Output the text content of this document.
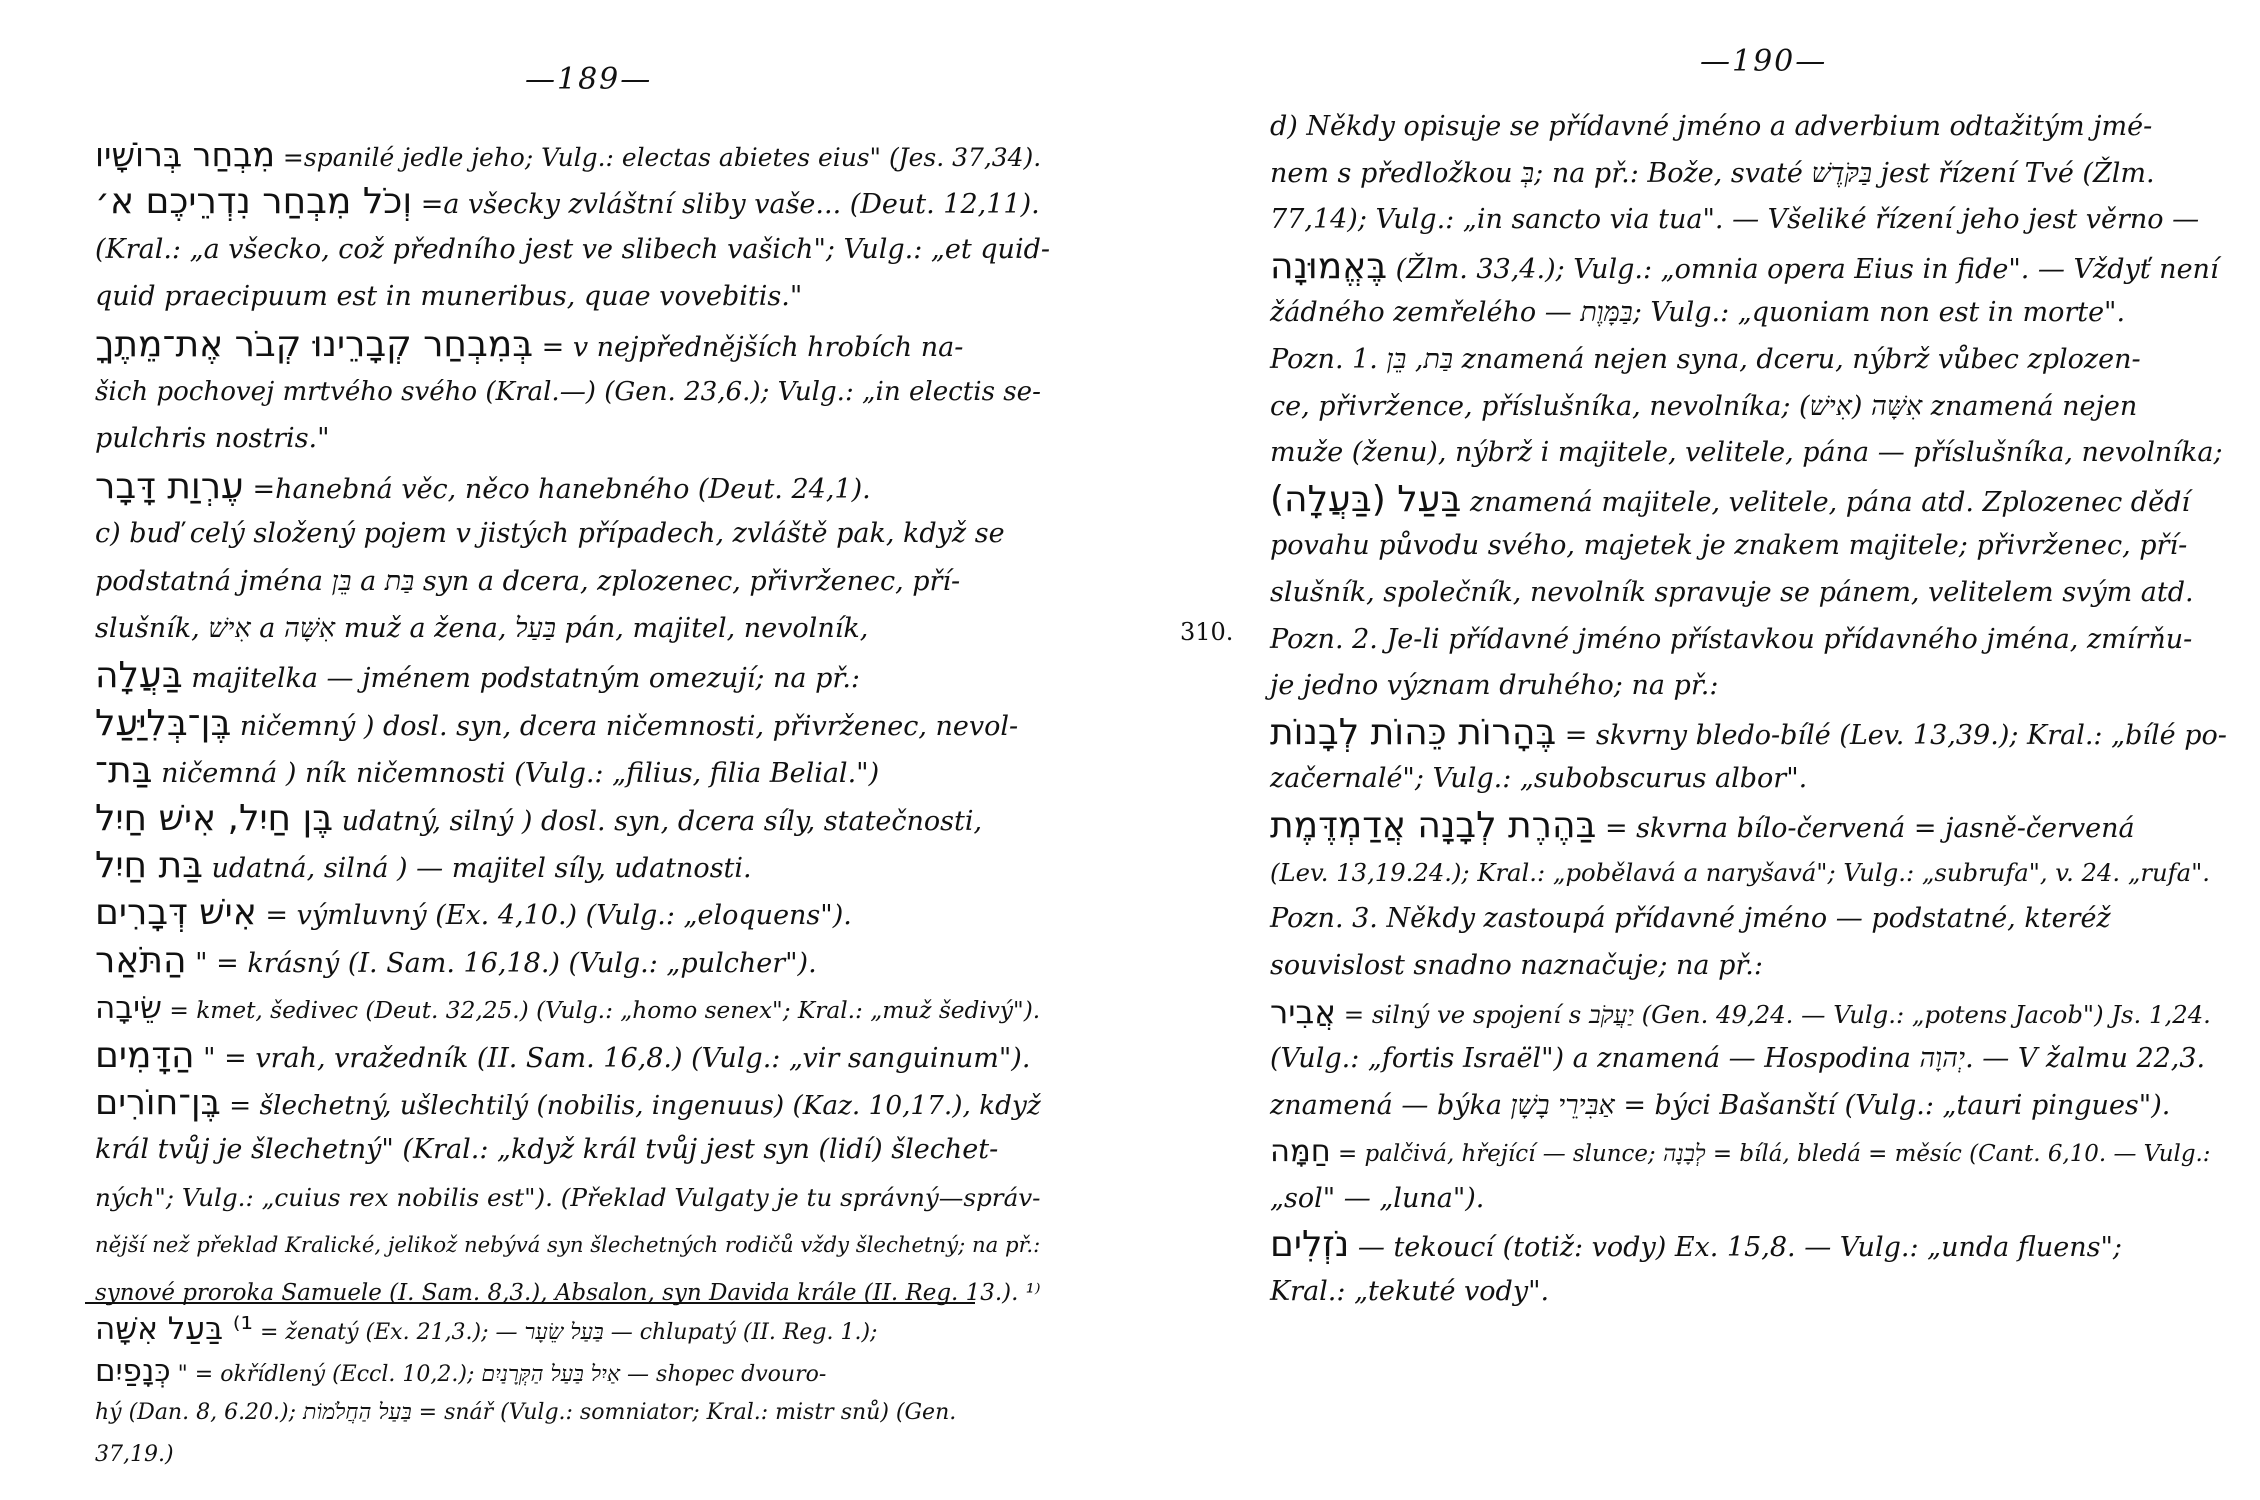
—189—
מִבְחַר בְּרוֹשָׁיו =spanilé jedle jeho; Vulg.: electas abietes eius" (Jes. 37,34).
וְכֹל מִבְחַר נִדְרֵיכֶם א׳ =a všecky zvláštní sliby vaše... (Deut. 12,11).
(Kral.: „a všecko, což předního jest ve slibech vašich"; Vulg.: „et quid-
quid praecipuum est in muneribus, quae vovebitis."
בְּמִבְחַר קְבָרֵינוּ קְבֹר אֶת־מֵתֶךָ = v nejpřednějších hrobích na-
šich pochovej mrtvého svého (Kral.—) (Gen. 23,6.); Vulg.: „in electis se-
pulchris nostris."
עֶרְוַת דָּבָר =hanebná věc, něco hanebného (Deut. 24,1).
c) buď celý složený pojem v jistých případech, zvláště pak, když se
podstatná jména בֵּן a בַּת syn a dcera, zplozenec, přivrženec, pří-
slušník, אִישׁ a אִשָּׁה muž a žena, בַּעַל pán, majitel, nevolník,
בַּעֲלָה majitelka — jménem podstatným omezují; na př.:
בֶּן־בְּלִיַּעַל ničemný ) dosl. syn, dcera ničemnosti, přivrženec, nevol-
בַּת־ ničemná ) ník ničemnosti (Vulg.: „filius, filia Belial.")
בֶּן חַיִל, אִישׁ חַיִל udatný, silný ) dosl. syn, dcera síly, statečnosti,
בַּת חַיִל udatná, silná ) — majitel síly, udatnosti.
אִישׁ דְּבָרִים = výmluvný (Ex. 4,10.) (Vulg.: „eloquens").
הַתֹּאַר " = krásný (I. Sam. 16,18.) (Vulg.: „pulcher").
שֵׂיבָה = kmet, šedivec (Deut. 32,25.) (Vulg.: „homo senex"; Kral.: „muž šedivý").
הַדָּמִים " = vrah, vražedník (II. Sam. 16,8.) (Vulg.: „vir sanguinum").
בֶּן־חוֹרִים = šlechetný, ušlechtilý (nobilis, ingenuus) (Kaz. 10,17.), když
král tvůj je šlechetný" (Kral.: „když král tvůj jest syn (lidí) šlechet-
ných"; Vulg.: „cuius rex nobilis est"). (Překlad Vulgaty je tu správný—správ-
nější než překlad Kralické, jelikož nebývá syn šlechetných rodičů vždy šlechetný; na př.:
synové proroka Samuele (I. Sam. 8,3.), Absalon, syn Davida krále (II. Reg. 13.). ¹⁾
¹⁾ בַּעַל אִשָּׁה = ženatý (Ex. 21,3.); — בַּעַל שֵׂעָר — chlupatý (II. Reg. 1.);
כְּנָפַיִם " = okřídlený (Eccl. 10,2.); אַיִל בַּעַל הַקְּרָנַיִם — shopec dvourо-
hý (Dan. 8, 6.20.); בַּעַל הַחֲלֹמוֹת = snář (Vulg.: somniator; Kral.: mistr snů) (Gen.
37,19.)
—190—
d) Někdy opisuje se přídavné jméno a adverbium odtažitým jmé-
nem s předložkou בְּ; na př.: Bože, svaté בַּקֹּדֶשׁ jest řízení Tvé (Žlm.
77,14); Vulg.: „in sancto via tua". — Všeliké řízení jeho jest věrno —
בֶּאֱמוּנָה (Žlm. 33,4.); Vulg.: „omnia opera Eius in fide". — Vždyť není
žádného zemřelého — בַּמָּוֶת; Vulg.: „quoniam non est in morte".
Pozn. 1. בַּת, בֵּן znamená nejen syna, dceru, nýbrž vůbec zplozen-
ce, přivržence, příslušníka, nevolníka; אִשָּׁה (אִישׁ) znamená nejen
muže (ženu), nýbrž i majitele, velitele, pána — příslušníka, nevolníka;
בַּעַל (בַּעֲלָה) znamená majitele, velitele, pána atd. Zplozenec dědí
povahu původu svého, majetek je znakem majitele; přivrženec, pří-
slušník, společník, nevolník spravuje se pánem, velitelem svým atd.
Pozn. 2. Je-li přídavné jméno přístavkou přídavného jména, zmírňu-
je jedno význam druhého; na př.:
בֶּהָרוֹת כֵּהוֹת לְבָנוֹת = skvrny bledo-bílé (Lev. 13,39.); Kral.: „bílé po-
začernalé"; Vulg.: „subobscurus albor".
בַּהֶרֶת לְבָנָה אֲדַמְדֶּמֶת = skvrna bílo-červená = jasně-červená
(Lev. 13,19.24.); Kral.: „pobělavá a naryšavá"; Vulg.: „subrufa", v. 24. „rufa".
Pozn. 3. Někdy zastoupá přídavné jméno — podstatné, kteréž
souvislost snadno naznačuje; na př.:
אֲבִיר = silný ve spojení s יַעֲקֹב (Gen. 49,24. — Vulg.: „potens Jacob") Js. 1,24.
(Vulg.: „fortis Israël") a znamená — Hospodina יְהוָה. — V žalmu 22,3.
znamená — býka אַבִּירֵי בָשָׁן = býci Bašanští (Vulg.: „tauri pingues").
חַמָּה = palčivá, hřející — slunce; לְבָנָה = bílá, bledá = měsíc (Cant. 6,10. — Vulg.:
„sol" — „luna").
נֹזְלִים — tekoucí (totiž: vody) Ex. 15,8. — Vulg.: „unda fluens";
Kral.: „tekuté vody".
310.
